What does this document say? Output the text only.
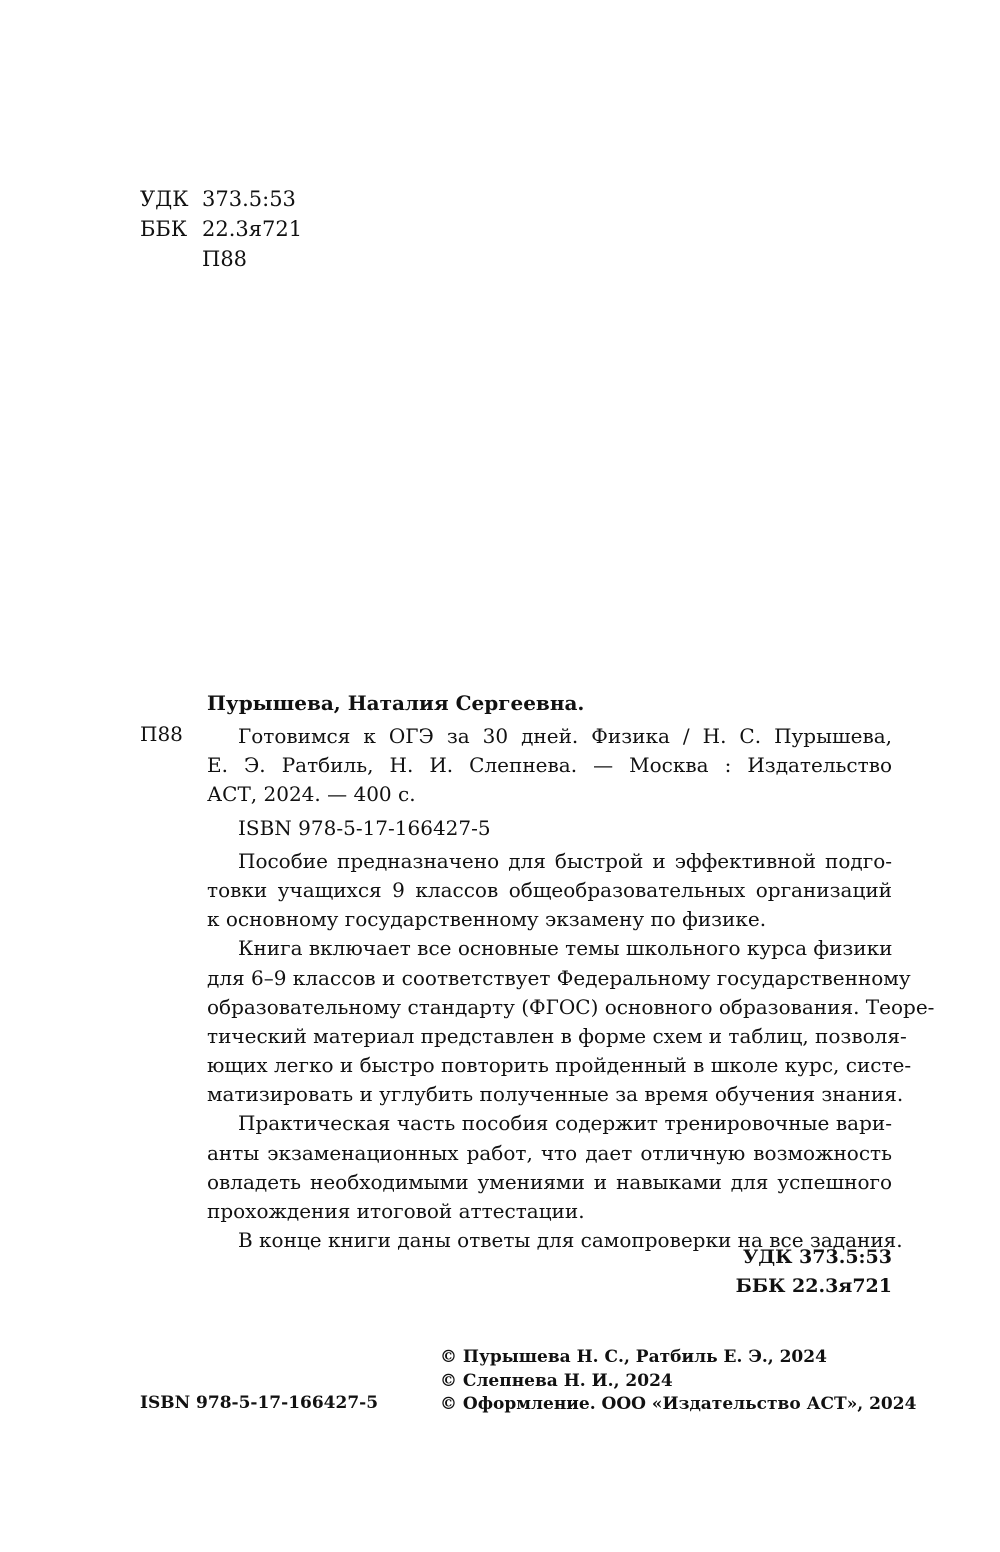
УДК 373.5:53
ББК 22.3я721
П88
Пурышева, Наталия Сергеевна.
П88	Готовимся к ОГЭ за 30 дней. Физика / Н. С. Пурышева,
Е. Э. Ратбиль, Н. И. Слепнева. — Москва : Издательство
АСТ, 2024. — 400 с.
ISBN 978-5-17-166427-5
Пособие предназначено для быстрой и эффективной подго-
товки учащихся 9 классов общеобразовательных организаций
к основному государственному экзамену по физике.
Книга включает все основные темы школьного курса физики
для 6–9 классов и соответствует Федеральному государственному
образовательному стандарту (ФГОС) основного образования. Теоре-
тический материал представлен в форме схем и таблиц, позволя-
ющих легко и быстро повторить пройденный в школе курс, систе-
матизировать и углубить полученные за время обучения знания.
Практическая часть пособия содержит тренировочные вари-
анты экзаменационных работ, что дает отличную возможность
овладеть необходимыми умениями и навыками для успешного
прохождения итоговой аттестации.
В конце книги даны ответы для самопроверки на все задания.
УДК 373.5:53
ББК 22.3я721
© Пурышева Н. С., Ратбиль Е. Э., 2024
© Слепнева Н. И., 2024
© Оформление. ООО «Издательство АСТ», 2024
ISBN 978-5-17-166427-5
